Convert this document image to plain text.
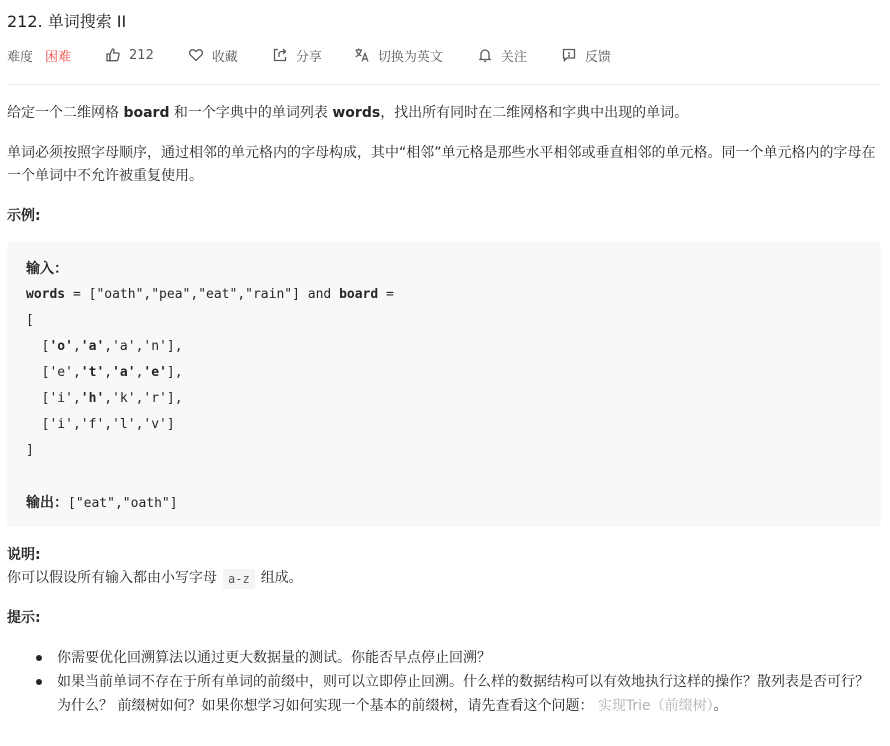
212. 单词搜索 II
难度 困难	212	收藏	分享	切换为英文	关注	反馈
给定一个二维网格 board 和一个字典中的单词列表 words，找出所有同时在二维网格和字典中出现的单词。
单词必须按照字母顺序，通过相邻的单元格内的字母构成，其中“相邻”单元格是那些水平相邻或垂直相邻的单元格。同一个单元格内的字母在一个单词中不允许被重复使用。
示例:
输入：
words = ["oath","pea","eat","rain"] and board =
[
['o','a','a','n'],
['e','t','a','e'],
['i','h','k','r'],
['i','f','l','v']
]
输出：["eat","oath"]
说明:
你可以假设所有输入都由小写字母 a-z 组成。
提示:
你需要优化回溯算法以通过更大数据量的测试。你能否早点停止回溯？
如果当前单词不存在于所有单词的前缀中，则可以立即停止回溯。什么样的数据结构可以有效地执行这样的操作？散列表是否可行？为什么？ 前缀树如何？如果你想学习如何实现一个基本的前缀树，请先查看这个问题： 实现Trie（前缀树）。
